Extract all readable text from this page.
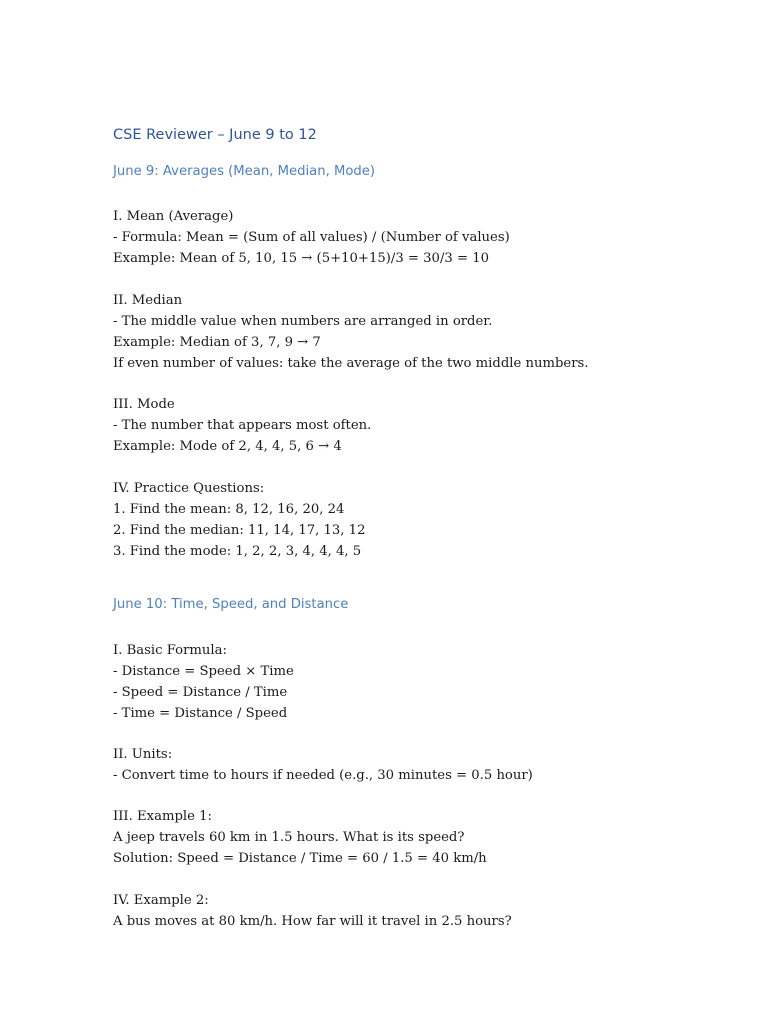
CSE Reviewer – June 9 to 12
June 9: Averages (Mean, Median, Mode)
I. Mean (Average)
- Formula: Mean = (Sum of all values) / (Number of values)
Example: Mean of 5, 10, 15 → (5+10+15)/3 = 30/3 = 10
II. Median
- The middle value when numbers are arranged in order.
Example: Median of 3, 7, 9 → 7
If even number of values: take the average of the two middle numbers.
III. Mode
- The number that appears most often.
Example: Mode of 2, 4, 4, 5, 6 → 4
IV. Practice Questions:
1. Find the mean: 8, 12, 16, 20, 24
2. Find the median: 11, 14, 17, 13, 12
3. Find the mode: 1, 2, 2, 3, 4, 4, 4, 5
June 10: Time, Speed, and Distance
I. Basic Formula:
- Distance = Speed × Time
- Speed = Distance / Time
- Time = Distance / Speed
II. Units:
- Convert time to hours if needed (e.g., 30 minutes = 0.5 hour)
III. Example 1:
A jeep travels 60 km in 1.5 hours. What is its speed?
Solution: Speed = Distance / Time = 60 / 1.5 = 40 km/h
IV. Example 2:
A bus moves at 80 km/h. How far will it travel in 2.5 hours?
